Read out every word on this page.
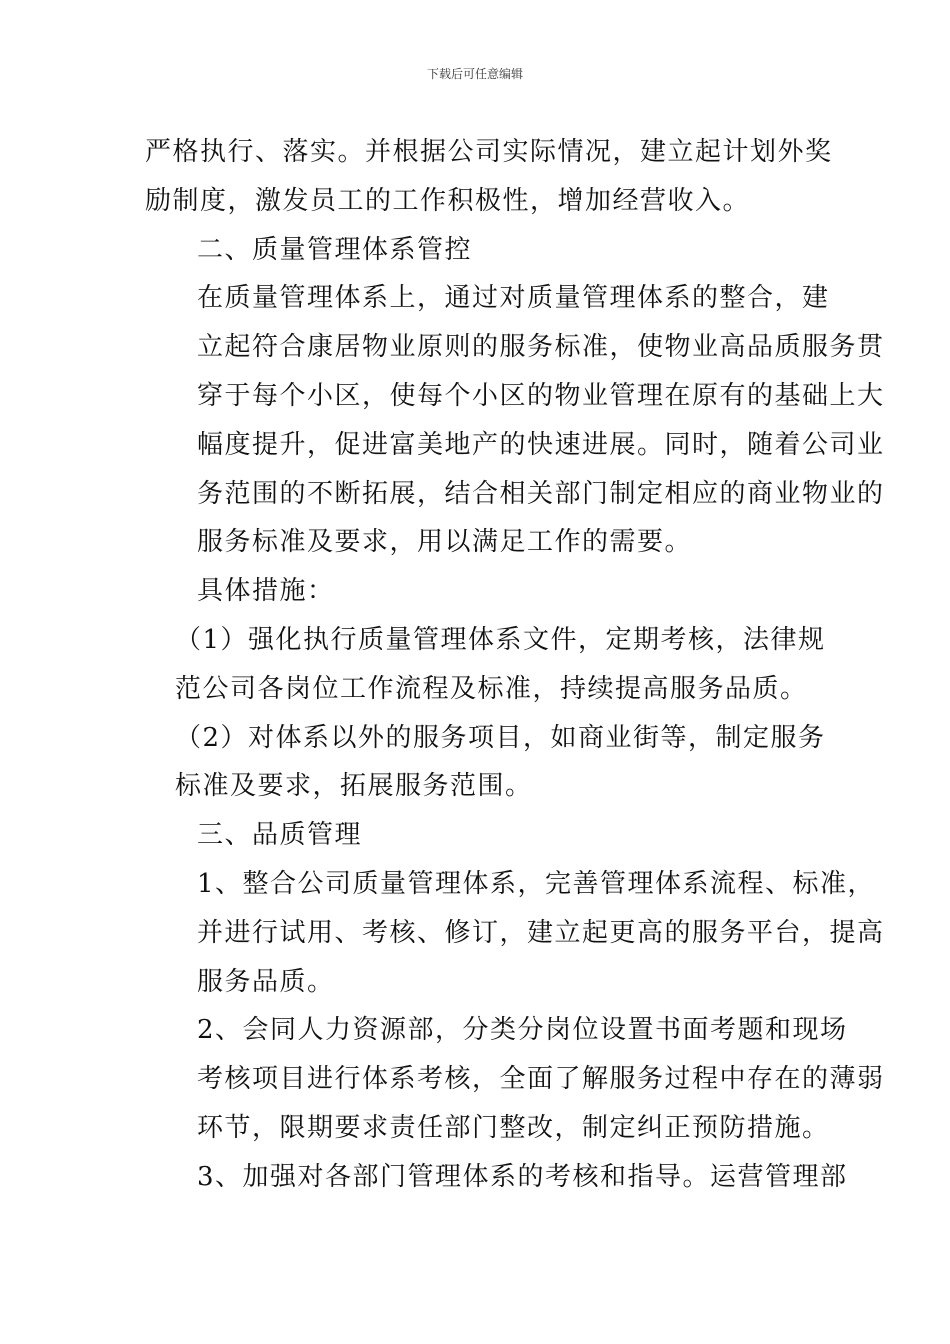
下载后可任意编辑

严格执行、落实。并根据公司实际情况，建立起计划外奖
励制度，激发员工的工作积极性，增加经营收入。

二、质量管理体系管控

在质量管理体系上，通过对质量管理体系的整合，建
立起符合康居物业原则的服务标准，使物业高品质服务贯
穿于每个小区，使每个小区的物业管理在原有的基础上大
幅度提升，促进富美地产的快速进展。同时，随着公司业
务范围的不断拓展，结合相关部门制定相应的商业物业的
服务标准及要求，用以满足工作的需要。

具体措施：

（1）强化执行质量管理体系文件，定期考核，法律规
范公司各岗位工作流程及标准，持续提高服务品质。

（2）对体系以外的服务项目，如商业街等，制定服务
标准及要求，拓展服务范围。

三、品质管理

1、整合公司质量管理体系，完善管理体系流程、标准，
并进行试用、考核、修订，建立起更高的服务平台，提高
服务品质。

2、会同人力资源部，分类分岗位设置书面考题和现场
考核项目进行体系考核，全面了解服务过程中存在的薄弱
环节，限期要求责任部门整改，制定纠正预防措施。

3、加强对各部门管理体系的考核和指导。运营管理部
